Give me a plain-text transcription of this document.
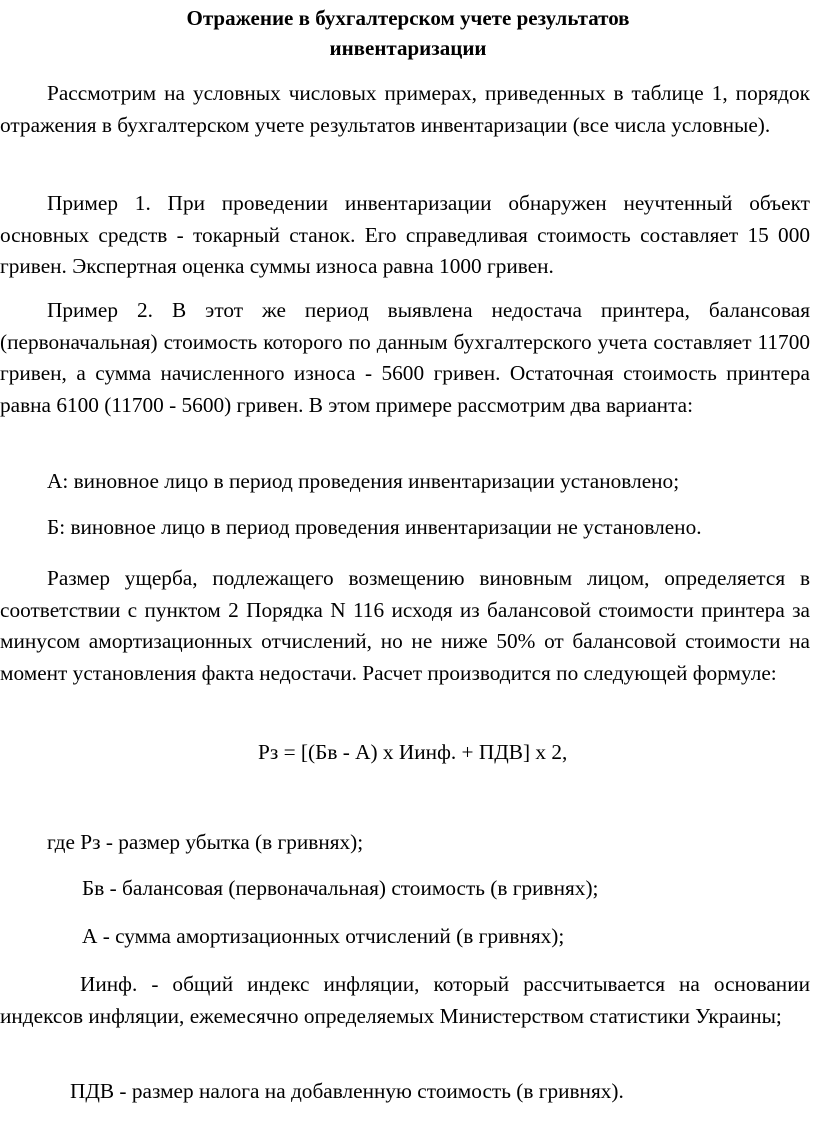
Отражение в бухгалтерском учете результатов
инвентаризации

Рассмотрим на условных числовых примерах, приведенных в таблице 1, порядок отражения в бухгалтерском учете результатов инвентаризации (все числа условные).

Пример 1. При проведении инвентаризации обнаружен неучтенный объект основных средств - токарный станок. Его справедливая стоимость составляет 15 000 гривен. Экспертная оценка суммы износа равна 1000 гривен.

Пример 2. В этот же период выявлена недостача принтера, балансовая (первоначальная) стоимость которого по данным бухгалтерского учета составляет 11700 гривен, а сумма начисленного износа - 5600 гривен. Остаточная стоимость принтера равна 6100 (11700 - 5600) гривен. В этом примере рассмотрим два варианта:

А: виновное лицо в период проведения инвентаризации установлено;

Б: виновное лицо в период проведения инвентаризации не установлено.

Размер ущерба, подлежащего возмещению виновным лицом, определяется в соответствии с пунктом 2 Порядка N 116 исходя из балансовой стоимости принтера за минусом амортизационных отчислений, но не ниже 50% от балансовой стоимости на момент установления факта недостачи. Расчет производится по следующей формуле:

Рз = [(Бв - А) х Иинф. + ПДВ] х 2,

где Рз - размер убытка (в гривнях);

Бв - балансовая (первоначальная) стоимость (в гривнях);

А - сумма амортизационных отчислений (в гривнях);

Иинф. - общий индекс инфляции, который рассчитывается на основании индексов инфляции, ежемесячно определяемых Министерством статистики Украины;

ПДВ - размер налога на добавленную стоимость (в гривнях).
